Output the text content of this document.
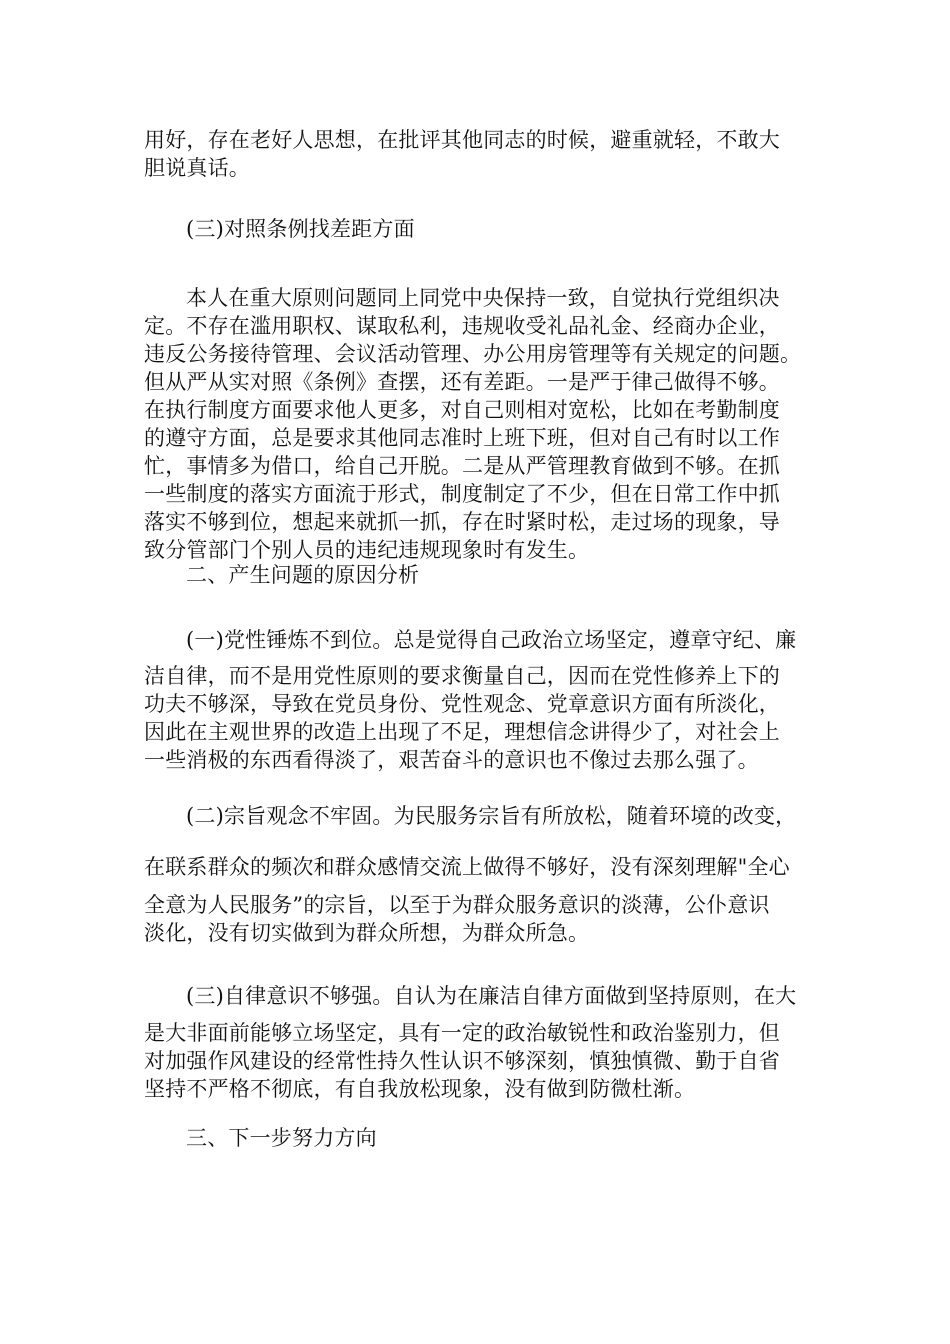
用好，存在老好人思想，在批评其他同志的时候，避重就轻，不敢大
胆说真话。
(三)对照条例找差距方面
本人在重大原则问题同上同党中央保持一致，自觉执行党组织决
定。不存在滥用职权、谋取私利，违规收受礼品礼金、经商办企业，
违反公务接待管理、会议活动管理、办公用房管理等有关规定的问题。
但从严从实对照《条例》查摆，还有差距。一是严于律己做得不够。
在执行制度方面要求他人更多，对自己则相对宽松，比如在考勤制度
的遵守方面，总是要求其他同志准时上班下班，但对自己有时以工作
忙，事情多为借口，给自己开脱。二是从严管理教育做到不够。在抓
一些制度的落实方面流于形式，制度制定了不少，但在日常工作中抓
落实不够到位，想起来就抓一抓，存在时紧时松，走过场的现象，导
致分管部门个别人员的违纪违规现象时有发生。
二、产生问题的原因分析
(一)党性锤炼不到位。总是觉得自己政治立场坚定，遵章守纪、廉
洁自律，而不是用党性原则的要求衡量自己，因而在党性修养上下的
功夫不够深，导致在党员身份、党性观念、党章意识方面有所淡化，
因此在主观世界的改造上出现了不足，理想信念讲得少了，对社会上
一些消极的东西看得淡了，艰苦奋斗的意识也不像过去那么强了。
(二)宗旨观念不牢固。为民服务宗旨有所放松，随着环境的改变，
在联系群众的频次和群众感情交流上做得不够好，没有深刻理解"全心
全意为人民服务”的宗旨，以至于为群众服务意识的淡薄，公仆意识
淡化，没有切实做到为群众所想，为群众所急。
(三)自律意识不够强。自认为在廉洁自律方面做到坚持原则，在大
是大非面前能够立场坚定，具有一定的政治敏锐性和政治鉴别力，但
对加强作风建设的经常性持久性认识不够深刻，慎独慎微、勤于自省
坚持不严格不彻底，有自我放松现象，没有做到防微杜渐。
三、下一步努力方向
